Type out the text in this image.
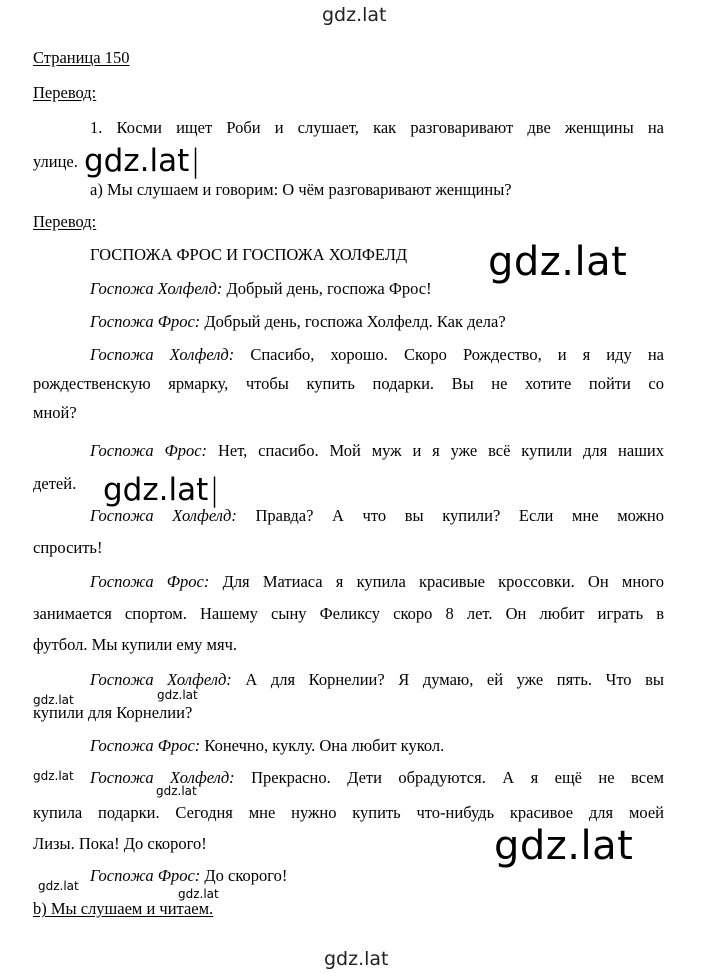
gdz.lat
gdz.lat
Страница 150
Перевод:
1. Косми ищет Роби и слушает, как разговаривают две женщины на
улице.
a) Мы слушаем и говорим: О чём разговаривают женщины?
Перевод:
ГОСПОЖА ФРОС И ГОСПОЖА ХОЛФЕЛД
Госпожа Холфелд: Добрый день, госпожа Фрос!
Госпожа Фрос: Добрый день, госпожа Холфелд. Как дела?
Госпожа Холфелд: Спасибо, хорошо. Скоро Рождество, и я иду на
рождественскую ярмарку, чтобы купить подарки. Вы не хотите пойти со
мной?
Госпожа Фрос: Нет, спасибо. Мой муж и я уже всё купили для наших
детей.
Госпожа Холфелд: Правда? А что вы купили? Если мне можно
спросить!
Госпожа Фрос: Для Матиаса я купила красивые кроссовки. Он много
занимается спортом. Нашему сыну Феликсу скоро 8 лет. Он любит играть в
футбол. Мы купили ему мяч.
Госпожа Холфелд: А для Корнелии? Я думаю, ей уже пять. Что вы
купили для Корнелии?
Госпожа Фрос: Конечно, куклу. Она любит кукол.
Госпожа Холфелд: Прекрасно. Дети обрадуются. А я ещё не всем
купила подарки. Сегодня мне нужно купить что-нибудь красивое для моей
Лизы. Пока! До скорого!
Госпожа Фрос: До скорого!
b) Мы слушаем и читаем.
gdz.lat |
gdz.lat
gdz.lat |
gdz.lat	gdz.lat
gdz.lat
gdz.lat
gdz.lat
gdz.lat
gdz.lat
